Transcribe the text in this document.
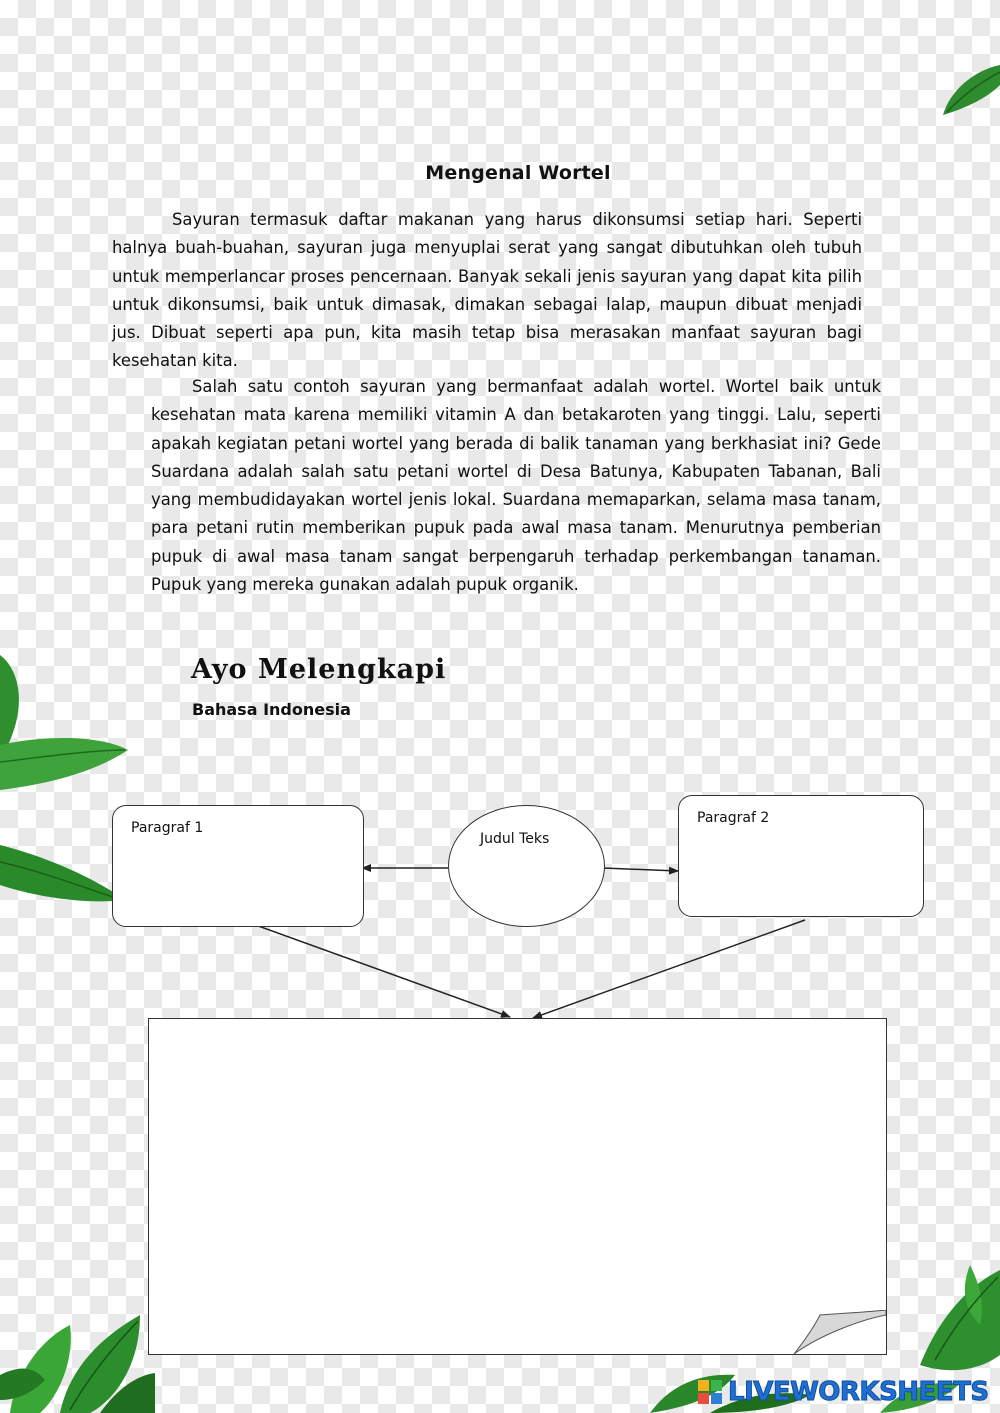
Mengenal Wortel

Sayuran termasuk daftar makanan yang harus dikonsumsi setiap hari. Seperti halnya buah-buahan, sayuran juga menyuplai serat yang sangat dibutuhkan oleh tubuh untuk memperlancar proses pencernaan. Banyak sekali jenis sayuran yang dapat kita pilih untuk dikonsumsi, baik untuk dimasak, dimakan sebagai lalap, maupun dibuat menjadi jus. Dibuat seperti apa pun, kita masih tetap bisa merasakan manfaat sayuran bagi kesehatan kita.

Salah satu contoh sayuran yang bermanfaat adalah wortel. Wortel baik untuk kesehatan mata karena memiliki vitamin A dan betakaroten yang tinggi. Lalu, seperti apakah kegiatan petani wortel yang berada di balik tanaman yang berkhasiat ini? Gede Suardana adalah salah satu petani wortel di Desa Batunya, Kabupaten Tabanan, Bali yang membudidayakan wortel jenis lokal. Suardana memaparkan, selama masa tanam, para petani rutin memberikan pupuk pada awal masa tanam. Menurutnya pemberian pupuk di awal masa tanam sangat berpengaruh terhadap perkembangan tanaman. Pupuk yang mereka gunakan adalah pupuk organik.

Ayo Melengkapi
Bahasa Indonesia
Paragraf 1
Judul Teks
Paragraf 2
LIVEWORKSHEETS
